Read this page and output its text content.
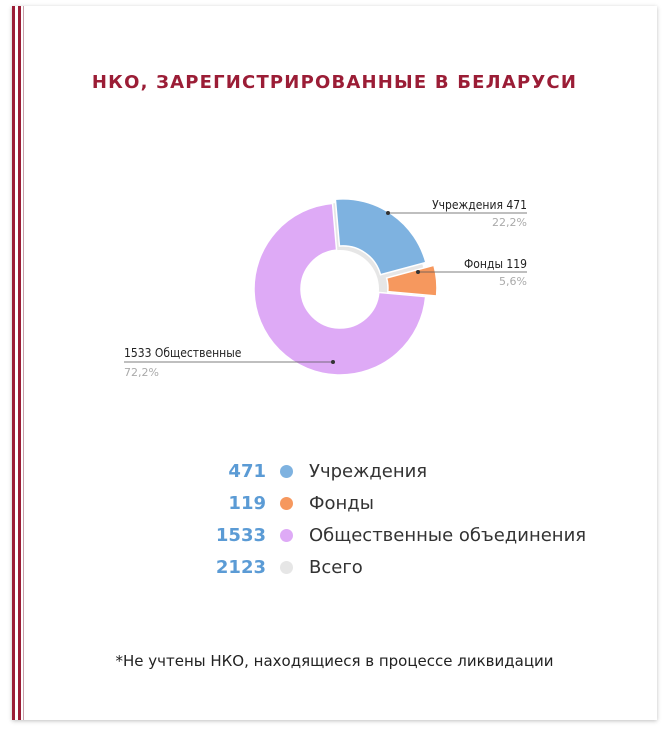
НКО, ЗАРЕГИСТРИРОВАННЫЕ В БЕЛАРУСИ
Учреждения 471
22,2%
Фонды 119
5,6%
1533 Общественные
72,2%
471 Учреждения
119 Фонды
1533 Общественные объединения
2123 Всего
*Не учтены НКО, находящиеся в процессе ликвидации
